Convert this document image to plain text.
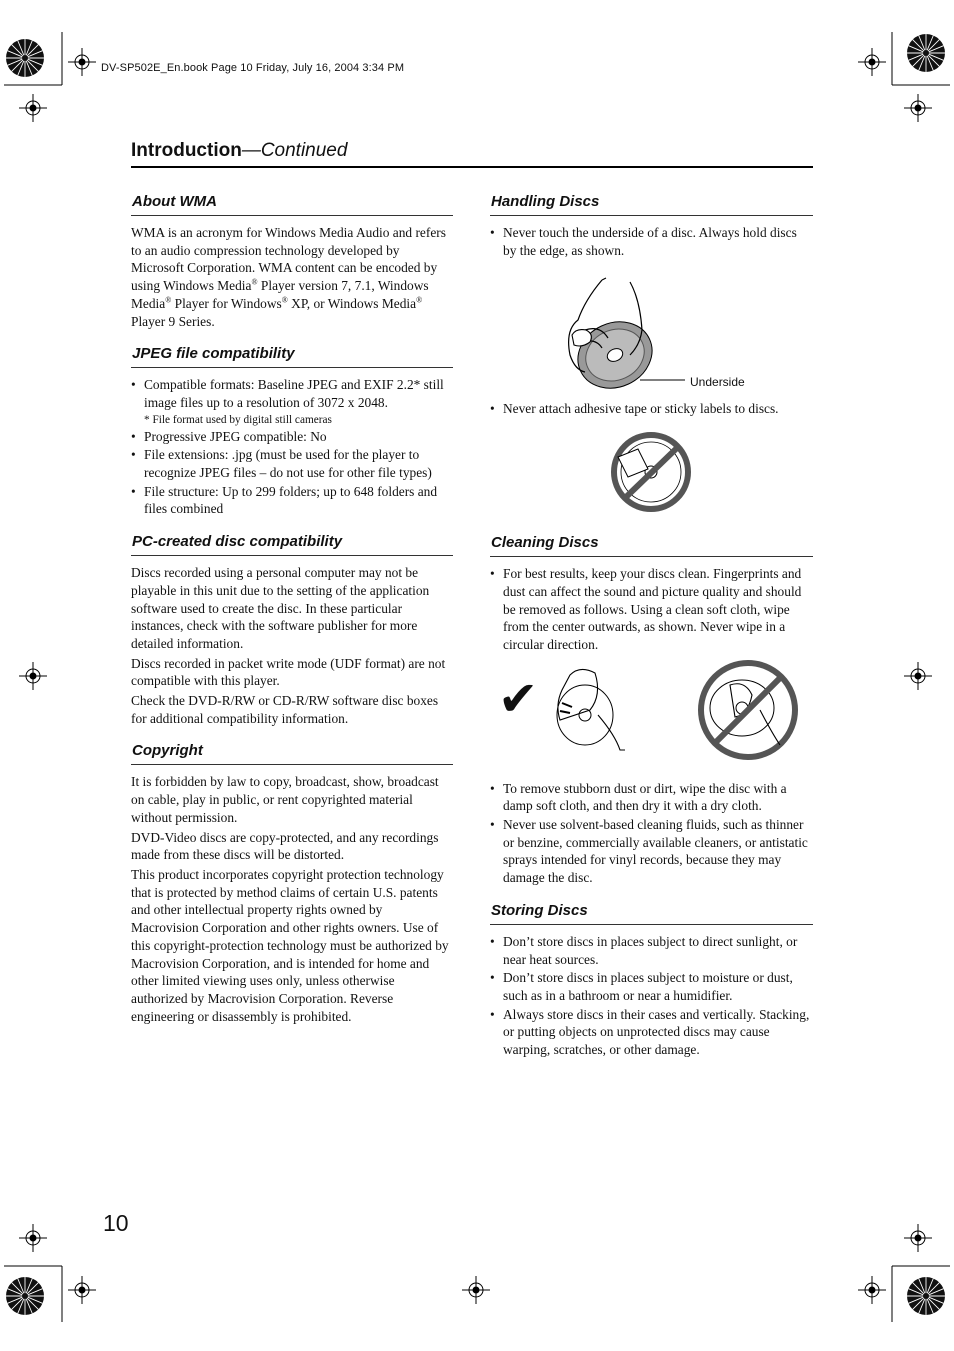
DV-SP502E_En.book Page 10 Friday, July 16, 2004 3:34 PM
Introduction—Continued
About WMA

WMA is an acronym for Windows Media Audio and refers to an audio compression technology developed by Microsoft Corporation. WMA content can be encoded by using Windows Media® Player version 7, 7.1, Windows Media® Player for Windows® XP, or Windows Media® Player 9 Series.

JPEG file compatibility
• Compatible formats: Baseline JPEG and EXIF 2.2* still image files up to a resolution of 3072 x 2048.
* File format used by digital still cameras
• Progressive JPEG compatible: No
• File extensions: .jpg (must be used for the player to recognize JPEG files – do not use for other file types)
• File structure: Up to 299 folders; up to 648 folders and files combined
PC-created disc compatibility

Discs recorded using a personal computer may not be playable in this unit due to the setting of the application software used to create the disc. In these particular instances, check with the software publisher for more detailed information.

Discs recorded in packet write mode (UDF format) are not compatible with this player.

Check the DVD-R/RW or CD-R/RW software disc boxes for additional compatibility information.

Copyright

It is forbidden by law to copy, broadcast, show, broadcast on cable, play in public, or rent copyrighted material without permission.

DVD-Video discs are copy-protected, and any recordings made from these discs will be distorted.

This product incorporates copyright protection technology that is protected by method claims of certain U.S. patents and other intellectual property rights owned by Macrovision Corporation and other rights owners. Use of this copyright-protection technology must be authorized by Macrovision Corporation, and is intended for home and other limited viewing uses only, unless otherwise authorized by Macrovision Corporation. Reverse engineering or disassembly is prohibited.

Handling Discs
• Never touch the underside of a disc. Always hold discs by the edge, as shown.
Underside
• Never attach adhesive tape or sticky labels to discs.
Cleaning Discs
• For best results, keep your discs clean. Fingerprints and dust can affect the sound and picture quality and should be removed as follows. Using a clean soft cloth, wipe from the center outwards, as shown. Never wipe in a circular direction.
✔
• To remove stubborn dust or dirt, wipe the disc with a damp soft cloth, and then dry it with a dry cloth.
• Never use solvent-based cleaning fluids, such as thinner or benzine, commercially available cleaners, or antistatic sprays intended for vinyl records, because they may damage the disc.
Storing Discs
• Don’t store discs in places subject to direct sunlight, or near heat sources.
• Don’t store discs in places subject to moisture or dust, such as in a bathroom or near a humidifier.
• Always store discs in their cases and vertically. Stacking, or putting objects on unprotected discs may cause warping, scratches, or other damage.
10
